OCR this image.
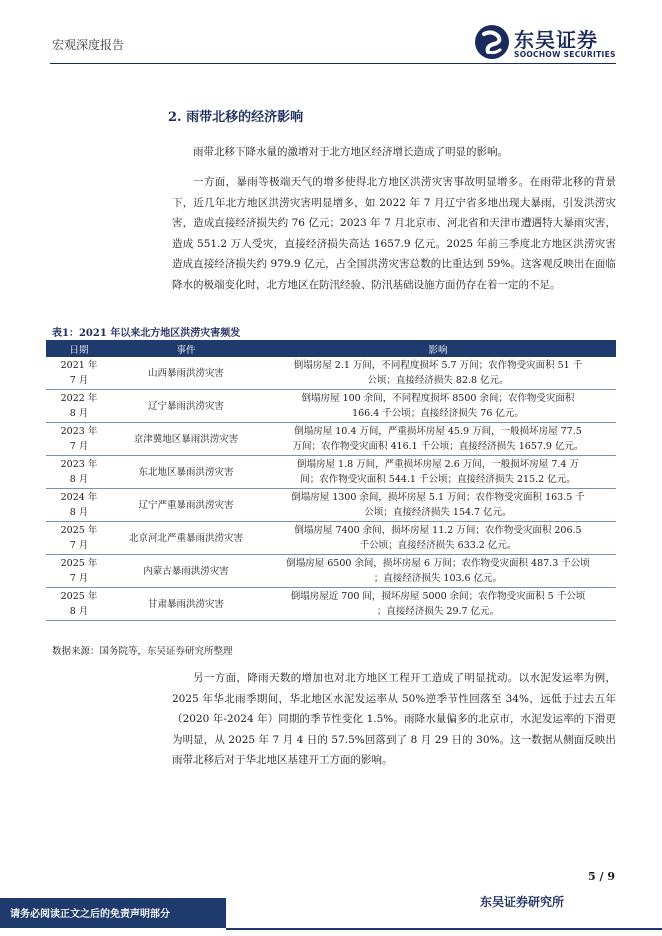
宏观深度报告	东吴证券
SOOCHOW SECURITIES
2. 雨带北移的经济影响

雨带北移下降水量的激增对于北方地区经济增长造成了明显的影响。

一方面，暴雨等极端天气的增多使得北方地区洪涝灾害事故明显增多。在雨带北移的背景下，近几年北方地区洪涝灾害明显增多，如 2022 年 7 月辽宁省多地出现大暴雨，引发洪涝灾害，造成直接经济损失约 76 亿元；2023 年 7 月北京市、河北省和天津市遭遇特大暴雨灾害，造成 551.2 万人受灾，直接经济损失高达 1657.9 亿元。2025 年前三季度北方地区洪涝灾害造成直接经济损失约 979.9 亿元，占全国洪涝灾害总数的比重达到 59%。这客观反映出在面临降水的极端变化时，北方地区在防汛经验、防汛基础设施方面仍存在着一定的不足。

表1：2021 年以来北方地区洪涝灾害频发
日期	事件	影响
2021 年
7 月	山西暴雨洪涝灾害	倒塌房屋 2.1 万间，不同程度损坏 5.7 万间；农作物受灾面积 51 千
公顷；直接经济损失 82.8 亿元。
2022 年
8 月	辽宁暴雨洪涝灾害	倒塌房屋 100 余间，不同程度损坏 8500 余间；农作物受灾面积
166.4 千公顷；直接经济损失 76 亿元。
2023 年
7 月	京津冀地区暴雨洪涝灾害	倒塌房屋 10.4 万间，严重损坏房屋 45.9 万间，一般损坏房屋 77.5
万间；农作物受灾面积 416.1 千公顷；直接经济损失 1657.9 亿元。
2023 年
8 月	东北地区暴雨洪涝灾害	倒塌房屋 1.8 万间，严重损坏房屋 2.6 万间，一般损坏房屋 7.4 万
间；农作物受灾面积 544.1 千公顷；直接经济损失 215.2 亿元。
2024 年
8 月	辽宁严重暴雨洪涝灾害	倒塌房屋 1300 余间，损坏房屋 5.1 万间；农作物受灾面积 163.5 千
公顷；直接经济损失 154.7 亿元。
2025 年
7 月	北京河北严重暴雨洪涝灾害	倒塌房屋 7400 余间，损坏房屋 11.2 万间；农作物受灾面积 206.5
千公顷；直接经济损失 633.2 亿元。
2025 年
7 月	内蒙古暴雨洪涝灾害	倒塌房屋 6500 余间，损坏房屋 6 万间；农作物受灾面积 487.3 千公顷
；直接经济损失 103.6 亿元。
2025 年
8 月	甘肃暴雨洪涝灾害	倒塌房屋近 700 间，损坏房屋 5000 余间；农作物受灾面积 5 千公顷
；直接经济损失 29.7 亿元。
数据来源：国务院等，东吴证券研究所整理

另一方面，降雨天数的增加也对北方地区工程开工造成了明显扰动。以水泥发运率为例，2025 年华北雨季期间，华北地区水泥发运率从 50%逆季节性回落至 34%，远低于过去五年（2020 年-2024 年）同期的季节性变化 1.5%。雨降水量偏多的北京市，水泥发运率的下滑更为明显，从 2025 年 7 月 4 日的 57.5%回落到了 8 月 29 日的 30%。这一数据从侧面反映出雨带北移后对于华北地区基建开工方面的影响。

5 / 9
请务必阅读正文之后的免责声明部分
东吴证券研究所
